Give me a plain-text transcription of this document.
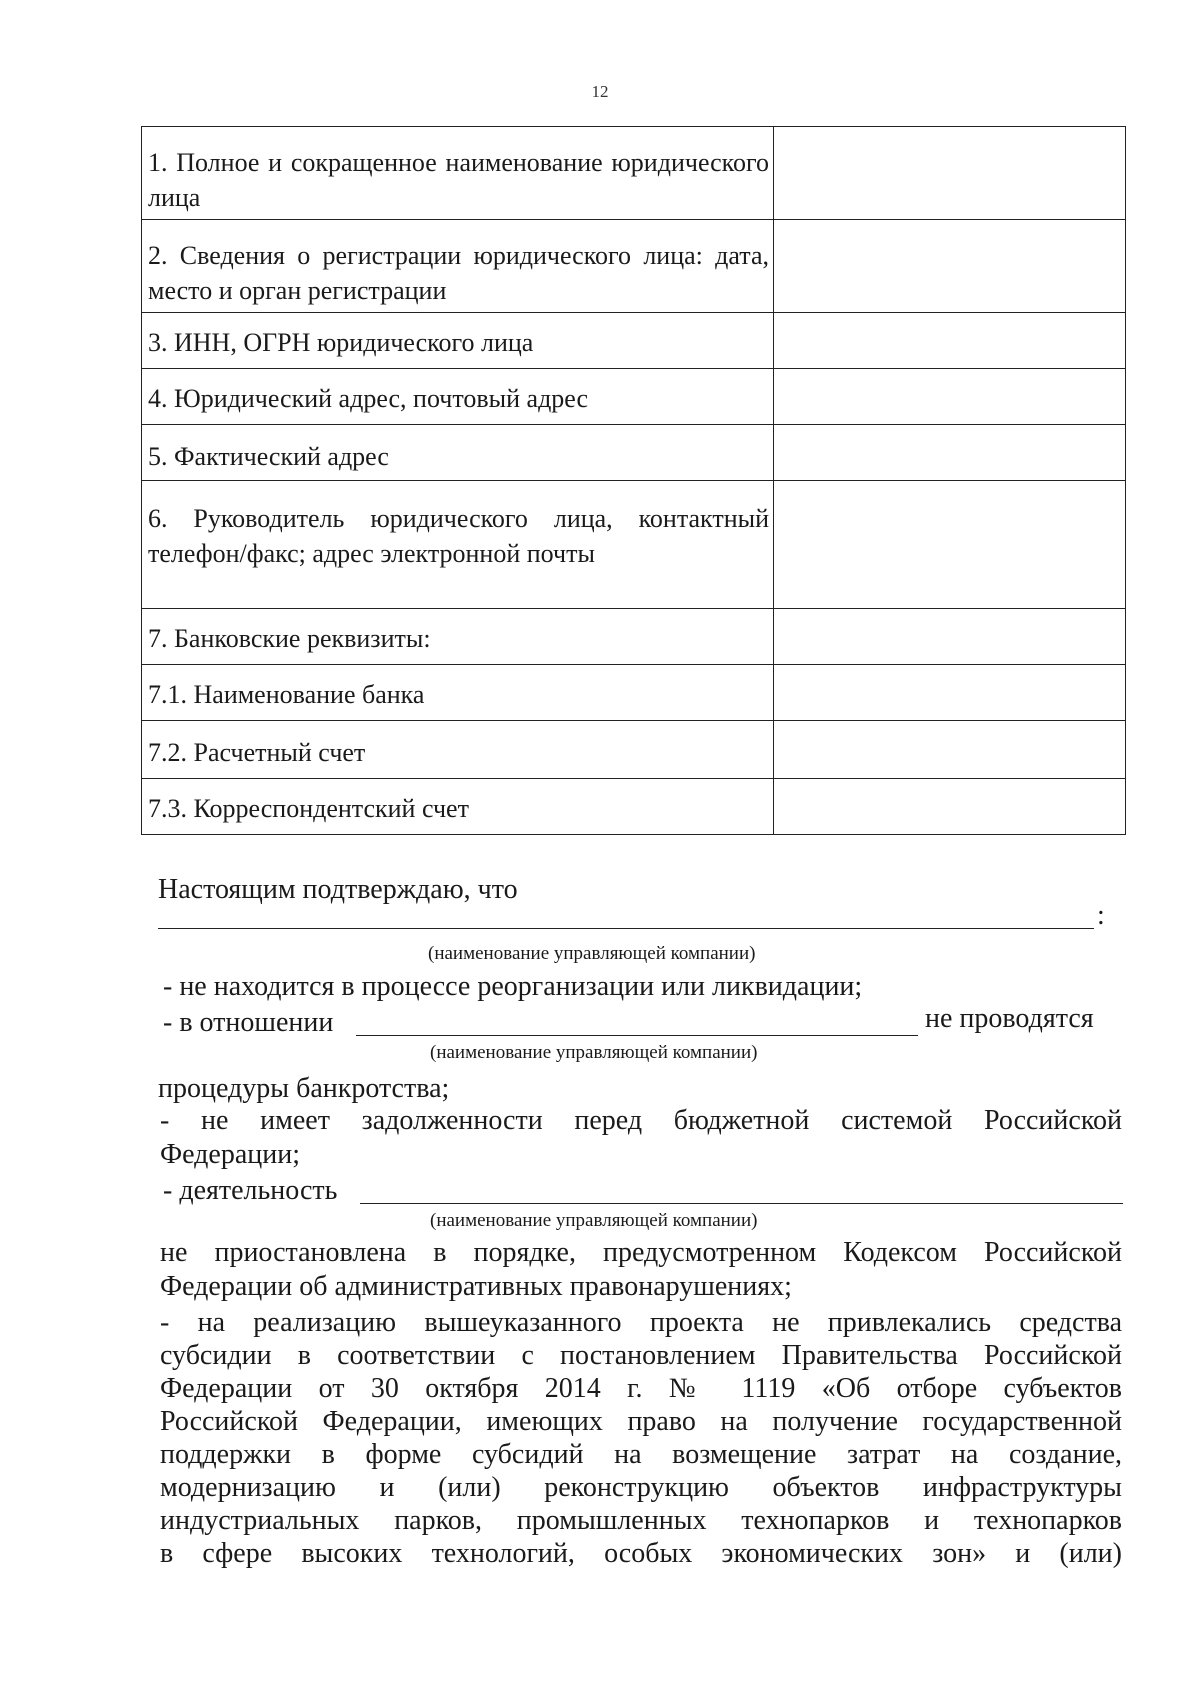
12
1. Полное и сокращенное наименование юридического лица	
2. Сведения о регистрации юридического лица: дата, место и орган регистрации	
3. ИНН, ОГРН юридического лица	
4. Юридический адрес, почтовый адрес	
5. Фактический адрес	
6. Руководитель юридического лица, контактный телефон/факс; адрес электронной почты	
7. Банковские реквизиты:	
7.1. Наименование банка	
7.2. Расчетный счет	
7.3. Корреспондентский счет	
Настоящим подтверждаю, что
:
(наименование управляющей компании)
- не находится в процессе реорганизации или ликвидации;
- в отношении	не проводятся
(наименование управляющей компании)
процедуры банкротства;
- не имеет задолженности перед бюджетной системой Российской
Федерации;
- деятельность
(наименование управляющей компании)
не приостановлена в порядке, предусмотренном Кодексом Российской
Федерации об административных правонарушениях;
- на реализацию вышеуказанного проекта не привлекались средства
субсидии в соответствии с постановлением Правительства Российской
Федерации от 30 октября 2014 г. № 1119 «Об отборе субъектов
Российской Федерации, имеющих право на получение государственной
поддержки в форме субсидий на возмещение затрат на создание,
модернизацию и (или) реконструкцию объектов инфраструктуры
индустриальных парков, промышленных технопарков и технопарков
в сфере высоких технологий, особых экономических зон» и (или)
